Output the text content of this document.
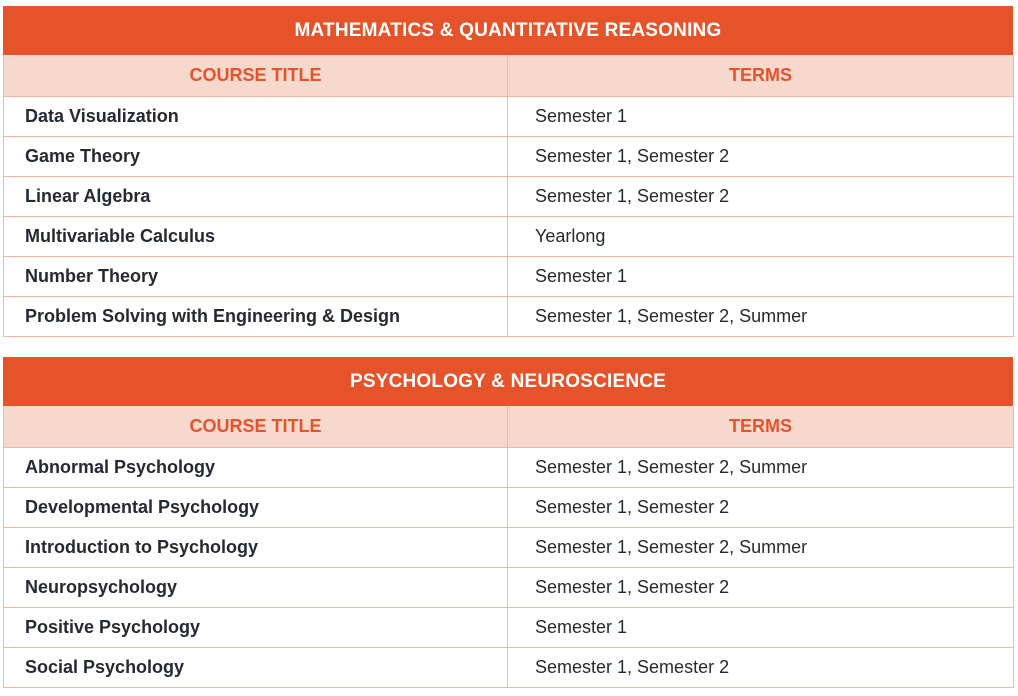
MATHEMATICS & QUANTITATIVE REASONING
COURSE TITLE	TERMS
Data Visualization	Semester 1
Game Theory	Semester 1, Semester 2
Linear Algebra	Semester 1, Semester 2
Multivariable Calculus	Yearlong
Number Theory	Semester 1
Problem Solving with Engineering & Design	Semester 1, Semester 2, Summer
PSYCHOLOGY & NEUROSCIENCE
COURSE TITLE	TERMS
Abnormal Psychology	Semester 1, Semester 2, Summer
Developmental Psychology	Semester 1, Semester 2
Introduction to Psychology	Semester 1, Semester 2, Summer
Neuropsychology	Semester 1, Semester 2
Positive Psychology	Semester 1
Social Psychology	Semester 1, Semester 2
